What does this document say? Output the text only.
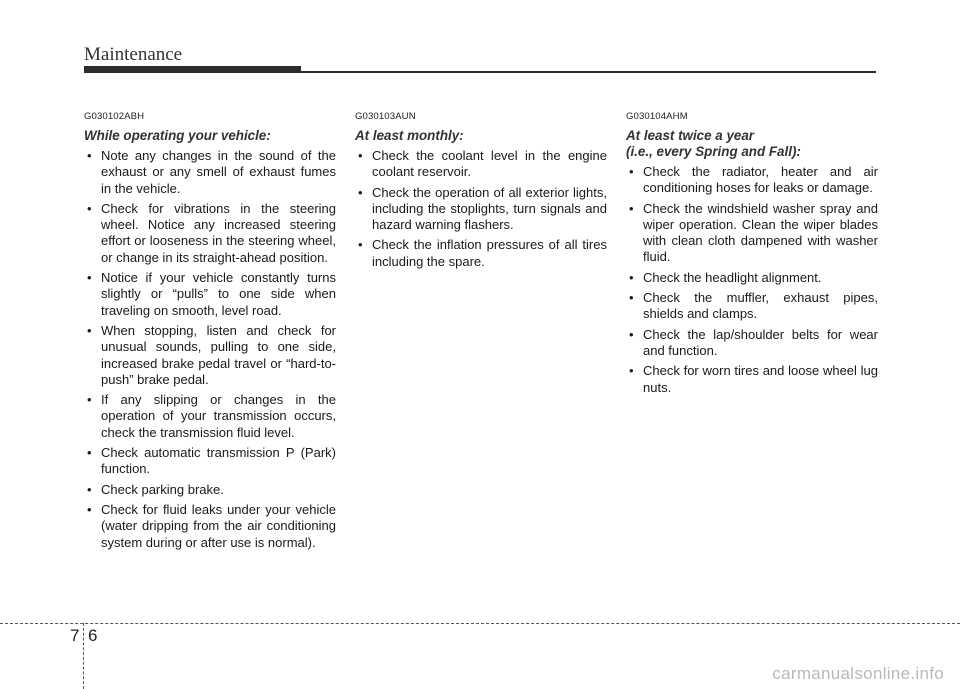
Maintenance
G030102ABH
While operating your vehicle:
• Note any changes in the sound of the exhaust or any smell of exhaust fumes in the vehicle.
• Check for vibrations in the steering wheel. Notice any increased steering effort or looseness in the steering wheel, or change in its straight-ahead position.
• Notice if your vehicle constantly turns slightly or “pulls” to one side when traveling on smooth, level road.
• When stopping, listen and check for unusual sounds, pulling to one side, increased brake pedal travel or “hard-to-push” brake pedal.
• If any slipping or changes in the operation of your transmission occurs, check the transmission fluid level.
• Check automatic transmission P (Park) function.
• Check parking brake.
• Check for fluid leaks under your vehicle (water dripping from the air conditioning system during or after use is normal).
G030103AUN
At least monthly:
• Check the coolant level in the engine coolant reservoir.
• Check the operation of all exterior lights, including the stoplights, turn signals and hazard warning flashers.
• Check the inflation pressures of all tires including the spare.
G030104AHM
At least twice a year
(i.e., every Spring and Fall):
• Check the radiator, heater and air conditioning hoses for leaks or damage.
• Check the windshield washer spray and wiper operation. Clean the wiper blades with clean cloth dampened with washer fluid.
• Check the headlight alignment.
• Check the muffler, exhaust pipes, shields and clamps.
• Check the lap/shoulder belts for wear and function.
• Check for worn tires and loose wheel lug nuts.
7 6
carmanualsonline.info
